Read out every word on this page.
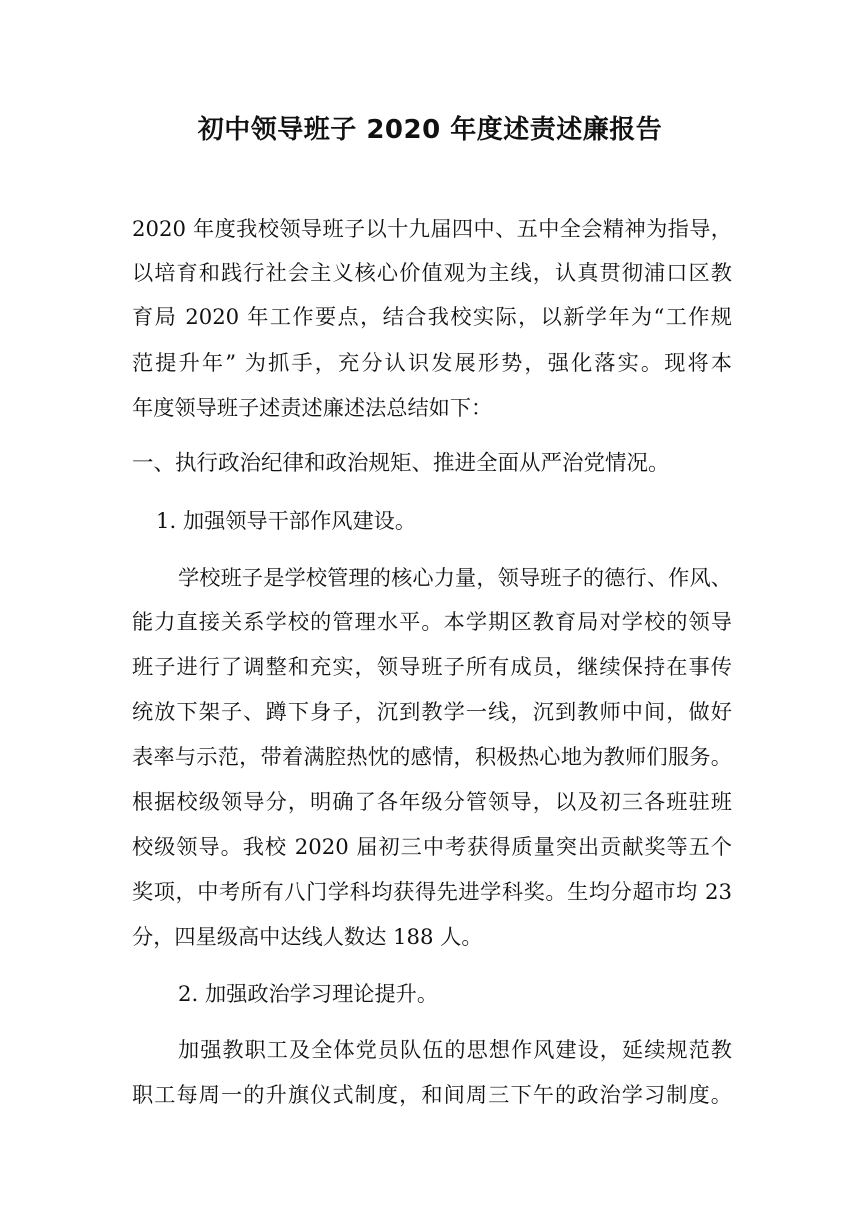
初中领导班子 2020 年度述责述廉报告
2020 年度我校领导班子以十九届四中、五中全会精神为指导，
以培育和践行社会主义核心价值观为主线，认真贯彻浦口区教
育局 2020 年工作要点，结合我校实际，以新学年为“工作规
范提升年” 为抓手，充分认识发展形势，强化落实。现将本
年度领导班子述责述廉述法总结如下：
一、执行政治纪律和政治规矩、推进全面从严治党情况。
1. 加强领导干部作风建设。
学校班子是学校管理的核心力量，领导班子的德行、作风、
能力直接关系学校的管理水平。本学期区教育局对学校的领导
班子进行了调整和充实，领导班子所有成员，继续保持在事传
统放下架子、蹲下身子，沉到教学一线，沉到教师中间，做好
表率与示范，带着满腔热忱的感情，积极热心地为教师们服务。
根据校级领导分，明确了各年级分管领导，以及初三各班驻班
校级领导。我校 2020 届初三中考获得质量突出贡献奖等五个
奖项，中考所有八门学科均获得先进学科奖。生均分超市均 23
分，四星级高中达线人数达 188 人。
2. 加强政治学习理论提升。
加强教职工及全体党员队伍的思想作风建设，延续规范教
职工每周一的升旗仪式制度，和间周三下午的政治学习制度。
